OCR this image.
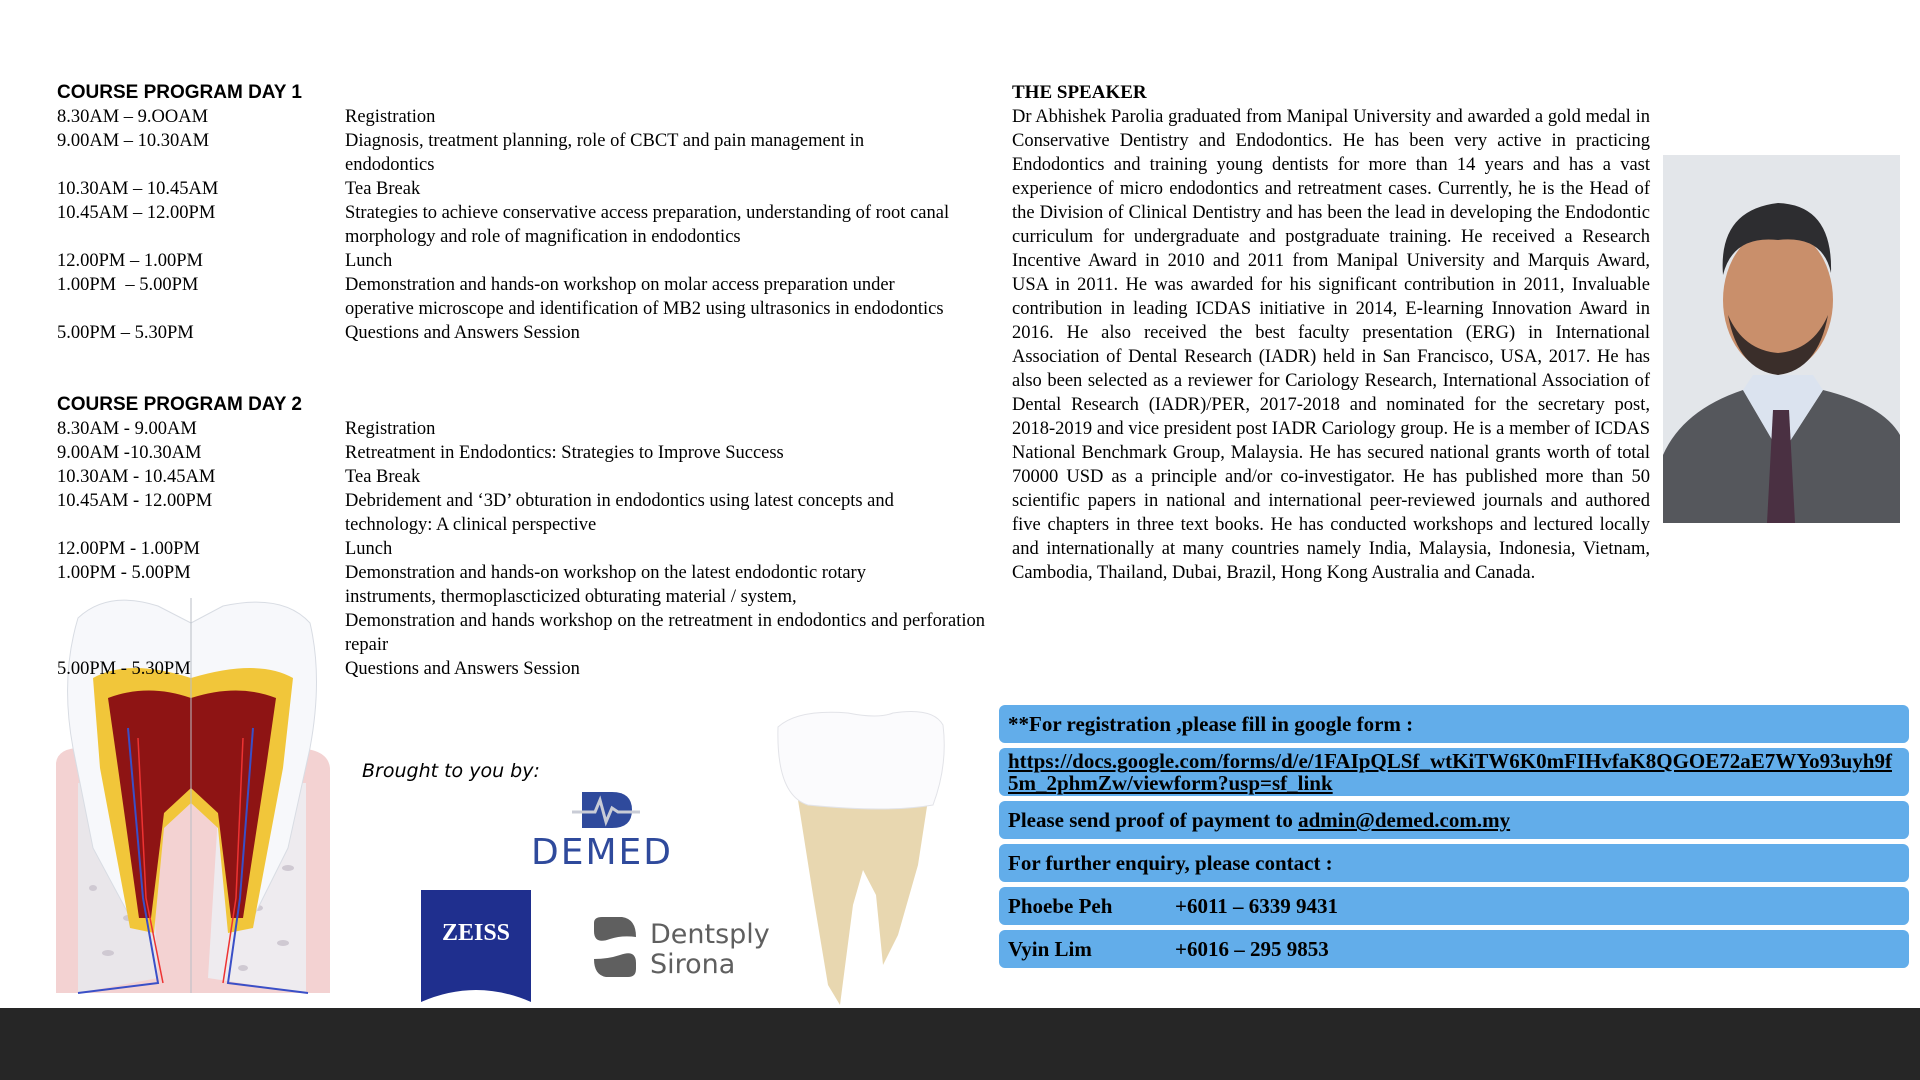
COURSE PROGRAM DAY 1
8.30AM – 9.OOAM	Registration
9.00AM – 10.30AM	Diagnosis, treatment planning, role of CBCT and pain management in endodontics
10.30AM – 10.45AM	Tea Break
10.45AM – 12.00PM	Strategies to achieve conservative access preparation, understanding of root canal morphology and role of magnification in endodontics
12.00PM – 1.00PM	Lunch
1.00PM  – 5.00PM	Demonstration and hands-on workshop on molar access preparation under operative microscope and identification of MB2 using ultrasonics in endodontics
5.00PM – 5.30PM	Questions and Answers Session
COURSE PROGRAM DAY 2
8.30AM - 9.00AM	Registration
9.00AM -10.30AM	Retreatment in Endodontics: Strategies to Improve Success
10.30AM - 10.45AM	Tea Break
10.45AM - 12.00PM	Debridement and ‘3D’ obturation in endodontics using latest concepts and technology: A clinical perspective
12.00PM - 1.00PM	Lunch
1.00PM - 5.00PM	Demonstration and hands-on workshop on the latest endodontic rotary instruments, thermoplascticized obturating material / system,
Demonstration and hands workshop on the retreatment in endodontics and perforation repair
5.00PM - 5.30PM	Questions and Answers Session
Brought to you by:
DEMED
ZEISS	Dentsply
Sirona
THE SPEAKER

Dr Abhishek Parolia graduated from Manipal University and awarded a gold medal in Conservative Dentistry and Endodontics. He has been very active in practicing Endodontics and training young dentists for more than 14 years and has a vast experience of micro endodontics and retreatment cases. Currently, he is the Head of the Division of Clinical Dentistry and has been the lead in developing the Endodontic curriculum for undergraduate and postgraduate training. He received a Research Incentive Award in 2010 and 2011 from Manipal University and Marquis Award, USA in 2011. He was awarded for his significant contribution in 2011, Invaluable contribution in leading ICDAS initiative in 2014, E-learning Innovation Award in 2016. He also received the best faculty presentation (ERG) in International Association of Dental Research (IADR) held in San Francisco, USA, 2017. He has also been selected as a reviewer for Cariology Research, International Association of Dental Research (IADR)/PER, 2017-2018 and nominated for the secretary post, 2018-2019 and vice president post IADR Cariology group. He is a member of ICDAS National Benchmark Group, Malaysia. He has secured national grants worth of total 70000 USD as a principle and/or co-investigator. He has published more than 50 scientific papers in national and international peer-reviewed journals and authored five chapters in three text books. He has conducted workshops and lectured locally and internationally at many countries namely India, Malaysia, Indonesia, Vietnam, Cambodia, Thailand, Dubai, Brazil, Hong Kong Australia and Canada.

**For registration ,please fill in google form :
https://docs.google.com/forms/d/e/1FAIpQLSf_wtKiTW6K0mFIHvfaK8QGOE72aE7WYo93uyh9f5m_2phmZw/viewform?usp=sf_link
Please send proof of payment to admin@demed.com.my
For further enquiry, please contact :
Phoebe Peh	+6011 – 6339 9431
Vyin Lim	+6016 – 295 9853
